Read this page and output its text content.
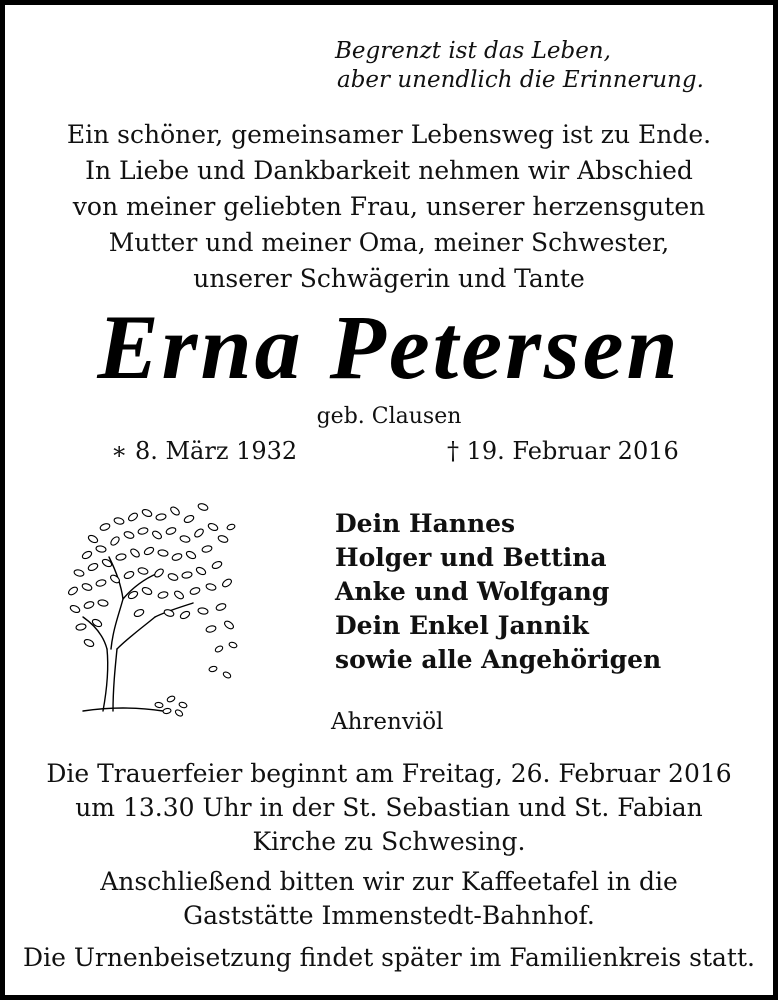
Begrenzt ist das Leben,
aber unendlich die Erinnerung.
Ein schöner, gemeinsamer Lebensweg ist zu Ende.
In Liebe und Dankbarkeit nehmen wir Abschied
von meiner geliebten Frau, unserer herzensguten
Mutter und meiner Oma, meiner Schwester,
unserer Schwägerin und Tante
Erna Petersen
geb. Clausen
∗ 8. März 1932	† 19. Februar 2016
Dein Hannes
Holger und Bettina
Anke und Wolfgang
Dein Enkel Jannik
sowie alle Angehörigen
Ahrenviöl
Die Trauerfeier beginnt am Freitag, 26. Februar 2016
um 13.30 Uhr in der St. Sebastian und St. Fabian
Kirche zu Schwesing.
Anschließend bitten wir zur Kaffeetafel in die
Gaststätte Immenstedt-Bahnhof.
Die Urnenbeisetzung findet später im Familienkreis statt.
